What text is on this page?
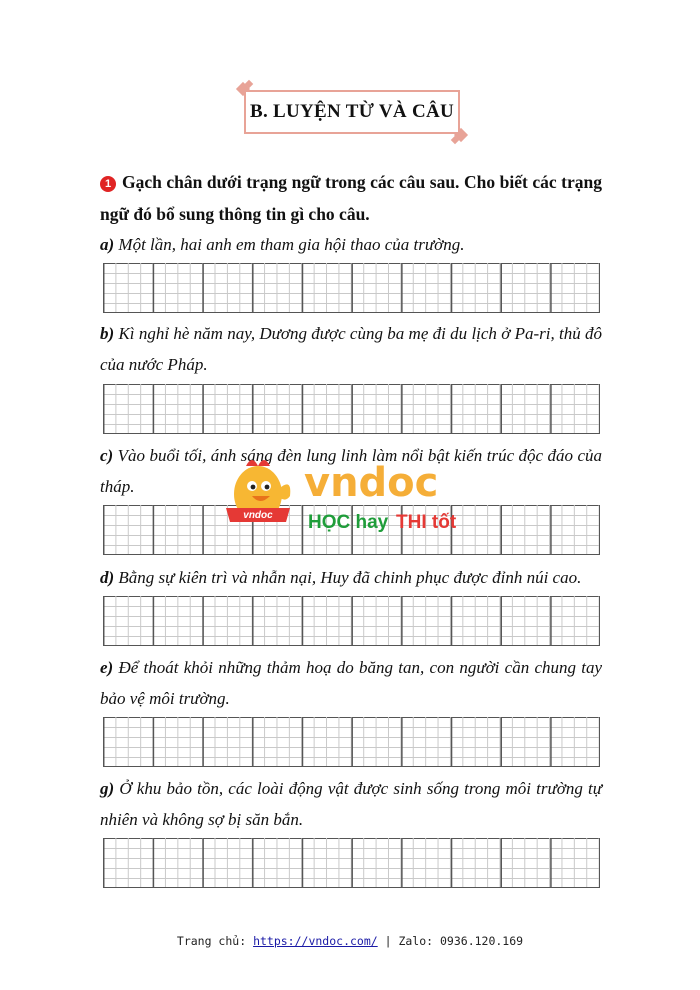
B. LUYỆN TỪ VÀ CÂU
1 Gạch chân dưới trạng ngữ trong các câu sau. Cho biết các trạng ngữ đó bổ sung thông tin gì cho câu.
a) Một lần, hai anh em tham gia hội thao của trường.
b) Kì nghỉ hè năm nay, Dương được cùng ba mẹ đi du lịch ở Pa-ri, thủ đô của nước Pháp.
c) Vào buổi tối, ánh sáng đèn lung linh làm nổi bật kiến trúc độc đáo của tháp.
d) Bằng sự kiên trì và nhẫn nại, Huy đã chinh phục được đỉnh núi cao.
e) Để thoát khỏi những thảm hoạ do băng tan, con người cần chung tay bảo vệ môi trường.
g) Ở khu bảo tồn, các loài động vật được sinh sống trong môi trường tự nhiên và không sợ bị săn bắn.
vndoc
vndoc
HỌC hay THI tốt
Trang chủ: https://vndoc.com/ | Zalo: 0936.120.169
